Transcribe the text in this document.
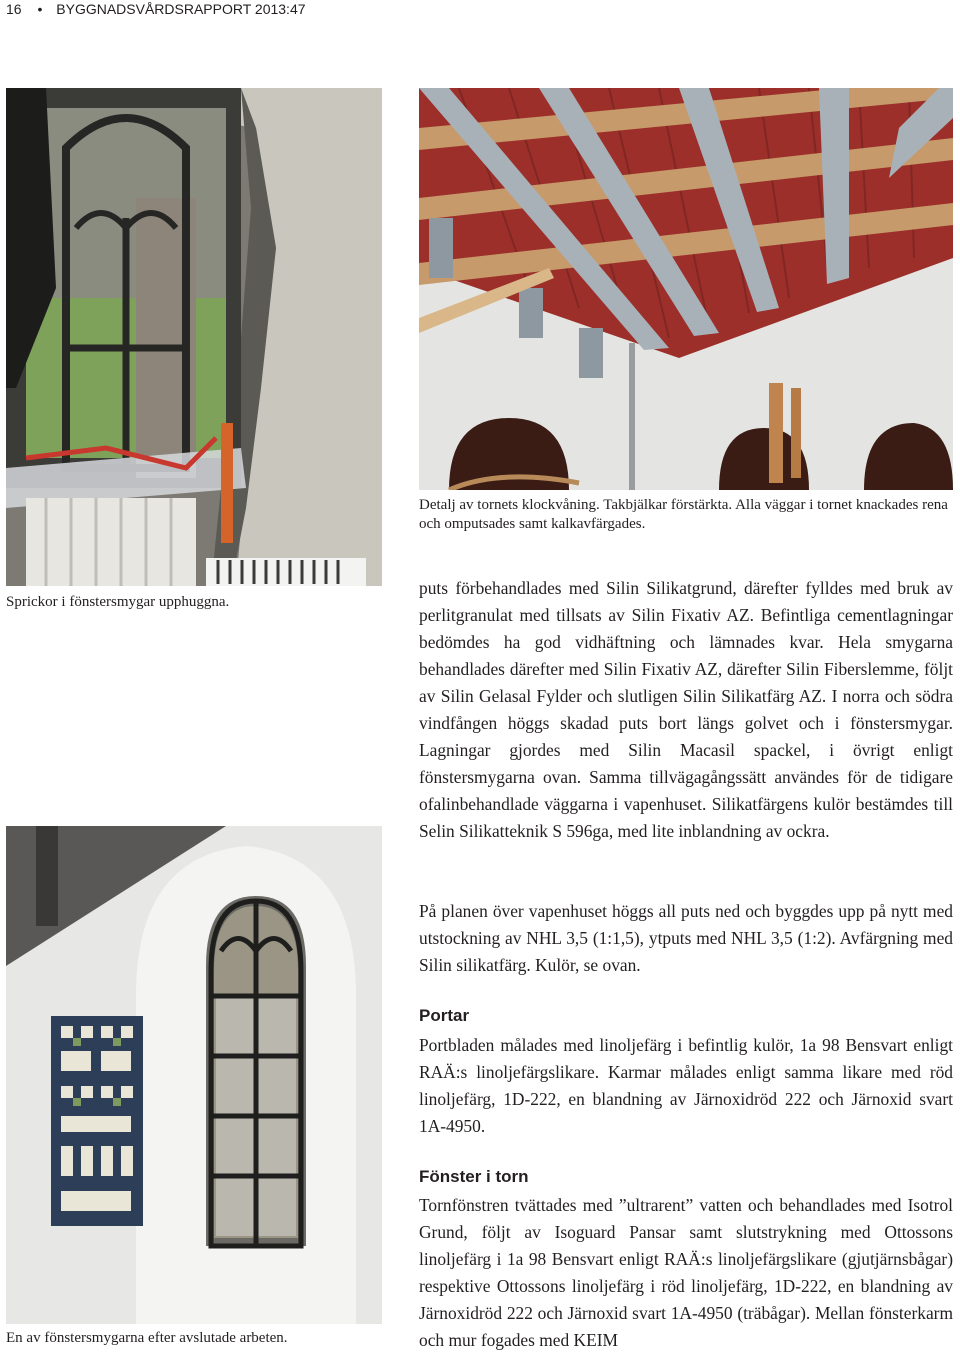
16 • BYGGNADSVÅRDSRAPPORT 2013:47
Sprickor i fönstersmygar upphuggna.
Detalj av tornets klockvåning. Takbjälkar förstärkta. Alla väggar i tornet knackades rena och omputsades samt kalkavfärgades.
En av fönstersmygarna efter avslutade arbeten.

puts förbehandlades med Silin Silikatgrund, därefter fylldes med bruk av perlitgranulat med tillsats av Silin Fixativ AZ. Befintliga cementlagningar bedömdes ha god vidhäftning och lämnades kvar. Hela smygarna behandlades därefter med Silin Fixativ AZ, därefter Silin Fiberslemme, följt av Silin Gelasal Fylder och slutligen Silin Silikatfärg AZ. I norra och södra vindfången höggs skadad puts bort längs golvet och i fönstersmygar. Lagningar gjordes med Silin Macasil spackel, i övrigt enligt fönstersmygarna ovan. Samma tillvägagångssätt användes för de tidigare ofalinbehandlade väggarna i vapenhuset. Silikatfärgens kulör bestämdes till Selin Silikatteknik S 596ga, med lite inblandning av ockra.

På planen över vapenhuset höggs all puts ned och byggdes upp på nytt med utstockning av NHL 3,5 (1:1,5), ytputs med NHL 3,5 (1:2). Avfärgning med Silin silikatfärg. Kulör, se ovan.

Portar

Portbladen målades med linoljefärg i befintlig kulör, 1a 98 Bensvart enligt RAÄ:s linoljefärgslikare. Karmar målades enligt samma likare med röd linoljefärg, 1D-222, en blandning av Järnoxidröd 222 och Järnoxid svart 1A-4950.

Fönster i torn

Tornfönstren tvättades med ”ultrarent” vatten och behandlades med Isotrol Grund, följt av Isoguard Pansar samt slutstrykning med Ottossons linoljefärg i 1a 98 Bensvart enligt RAÄ:s linoljefärgslikare (gjutjärnsbågar) respektive Ottossons linoljefärg i röd linoljefärg, 1D-222, en blandning av Järnoxidröd 222 och Järnoxid svart 1A-4950 (träbågar). Mellan fönsterkarm och mur fogades med KEIM
